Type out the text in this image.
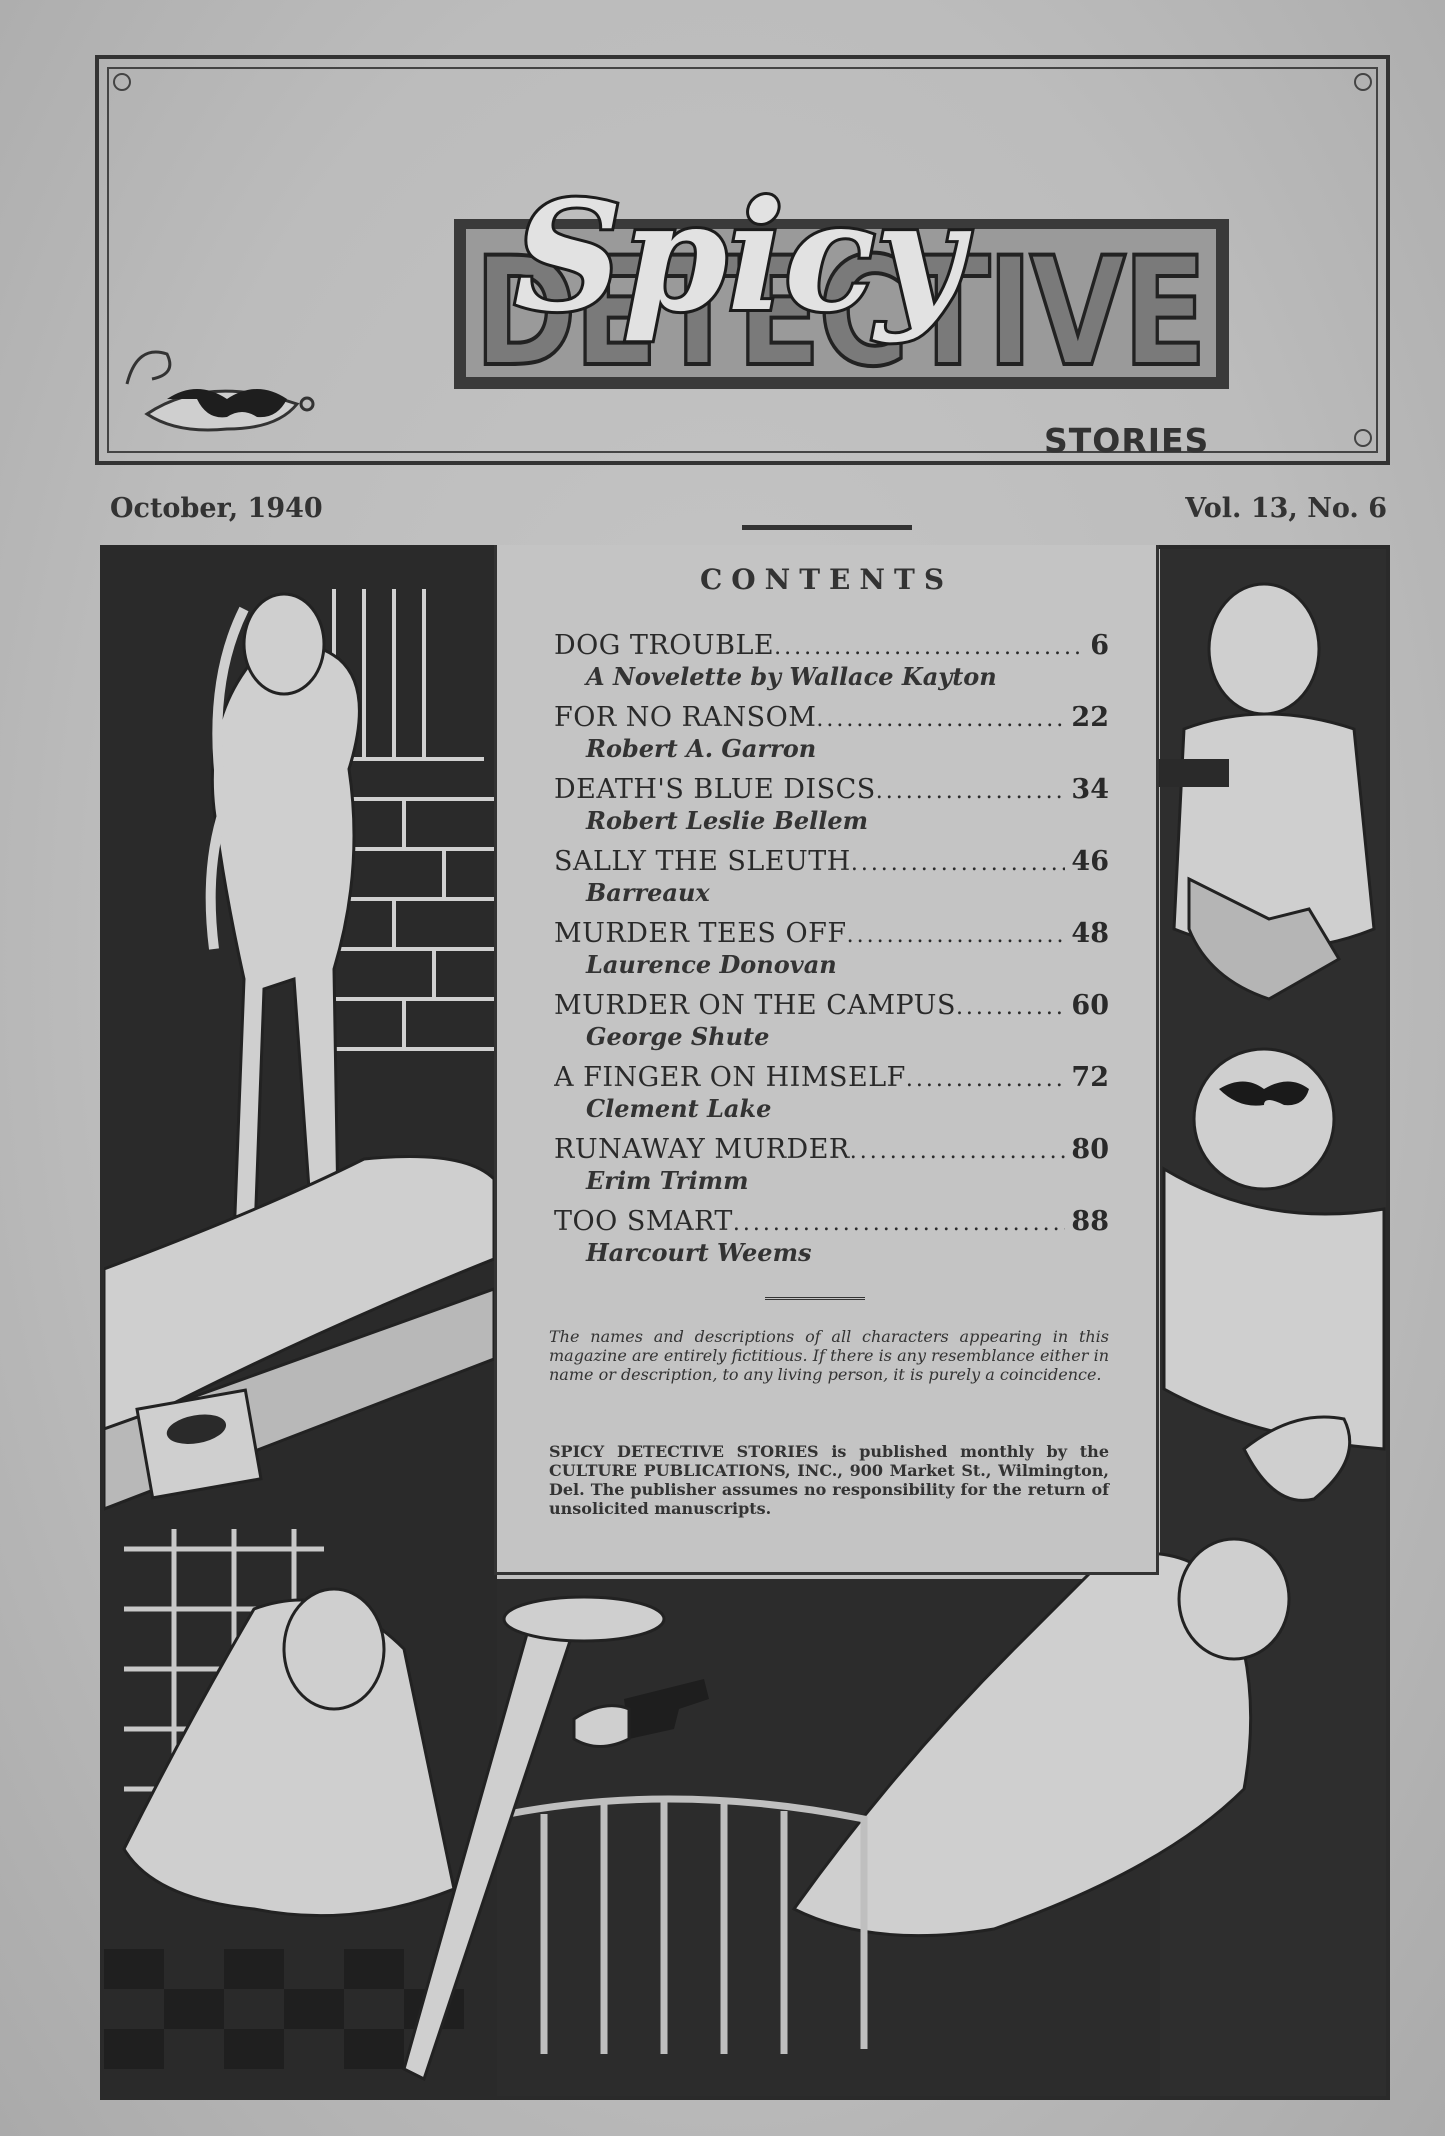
DETECTIVE
Spicy
STORIES
October, 1940	Vol. 13, No. 6
CONTENTS
DOG TROUBLE .....	6
A Novelette by Wallace Kayton
FOR NO RANSOM .....	22
Robert A. Garron
DEATH'S BLUE DISCS .....	34
Robert Leslie Bellem
SALLY THE SLEUTH .....	46
Barreaux
MURDER TEES OFF .....	48
Laurence Donovan
MURDER ON THE CAMPUS .....	60
George Shute
A FINGER ON HIMSELF .....	72
Clement Lake
RUNAWAY MURDER .....	80
Erim Trimm
TOO SMART .....	88
Harcourt Weems
The names and descriptions of all characters appearing in this magazine are entirely fictitious. If there is any resemblance either in name or description, to any living person, it is purely a coincidence.
SPICY DETECTIVE STORIES is published monthly by the CULTURE PUBLICATIONS, INC., 900 Market St., Wilmington, Del. The publisher assumes no responsibility for the return of unsolicited manuscripts.
